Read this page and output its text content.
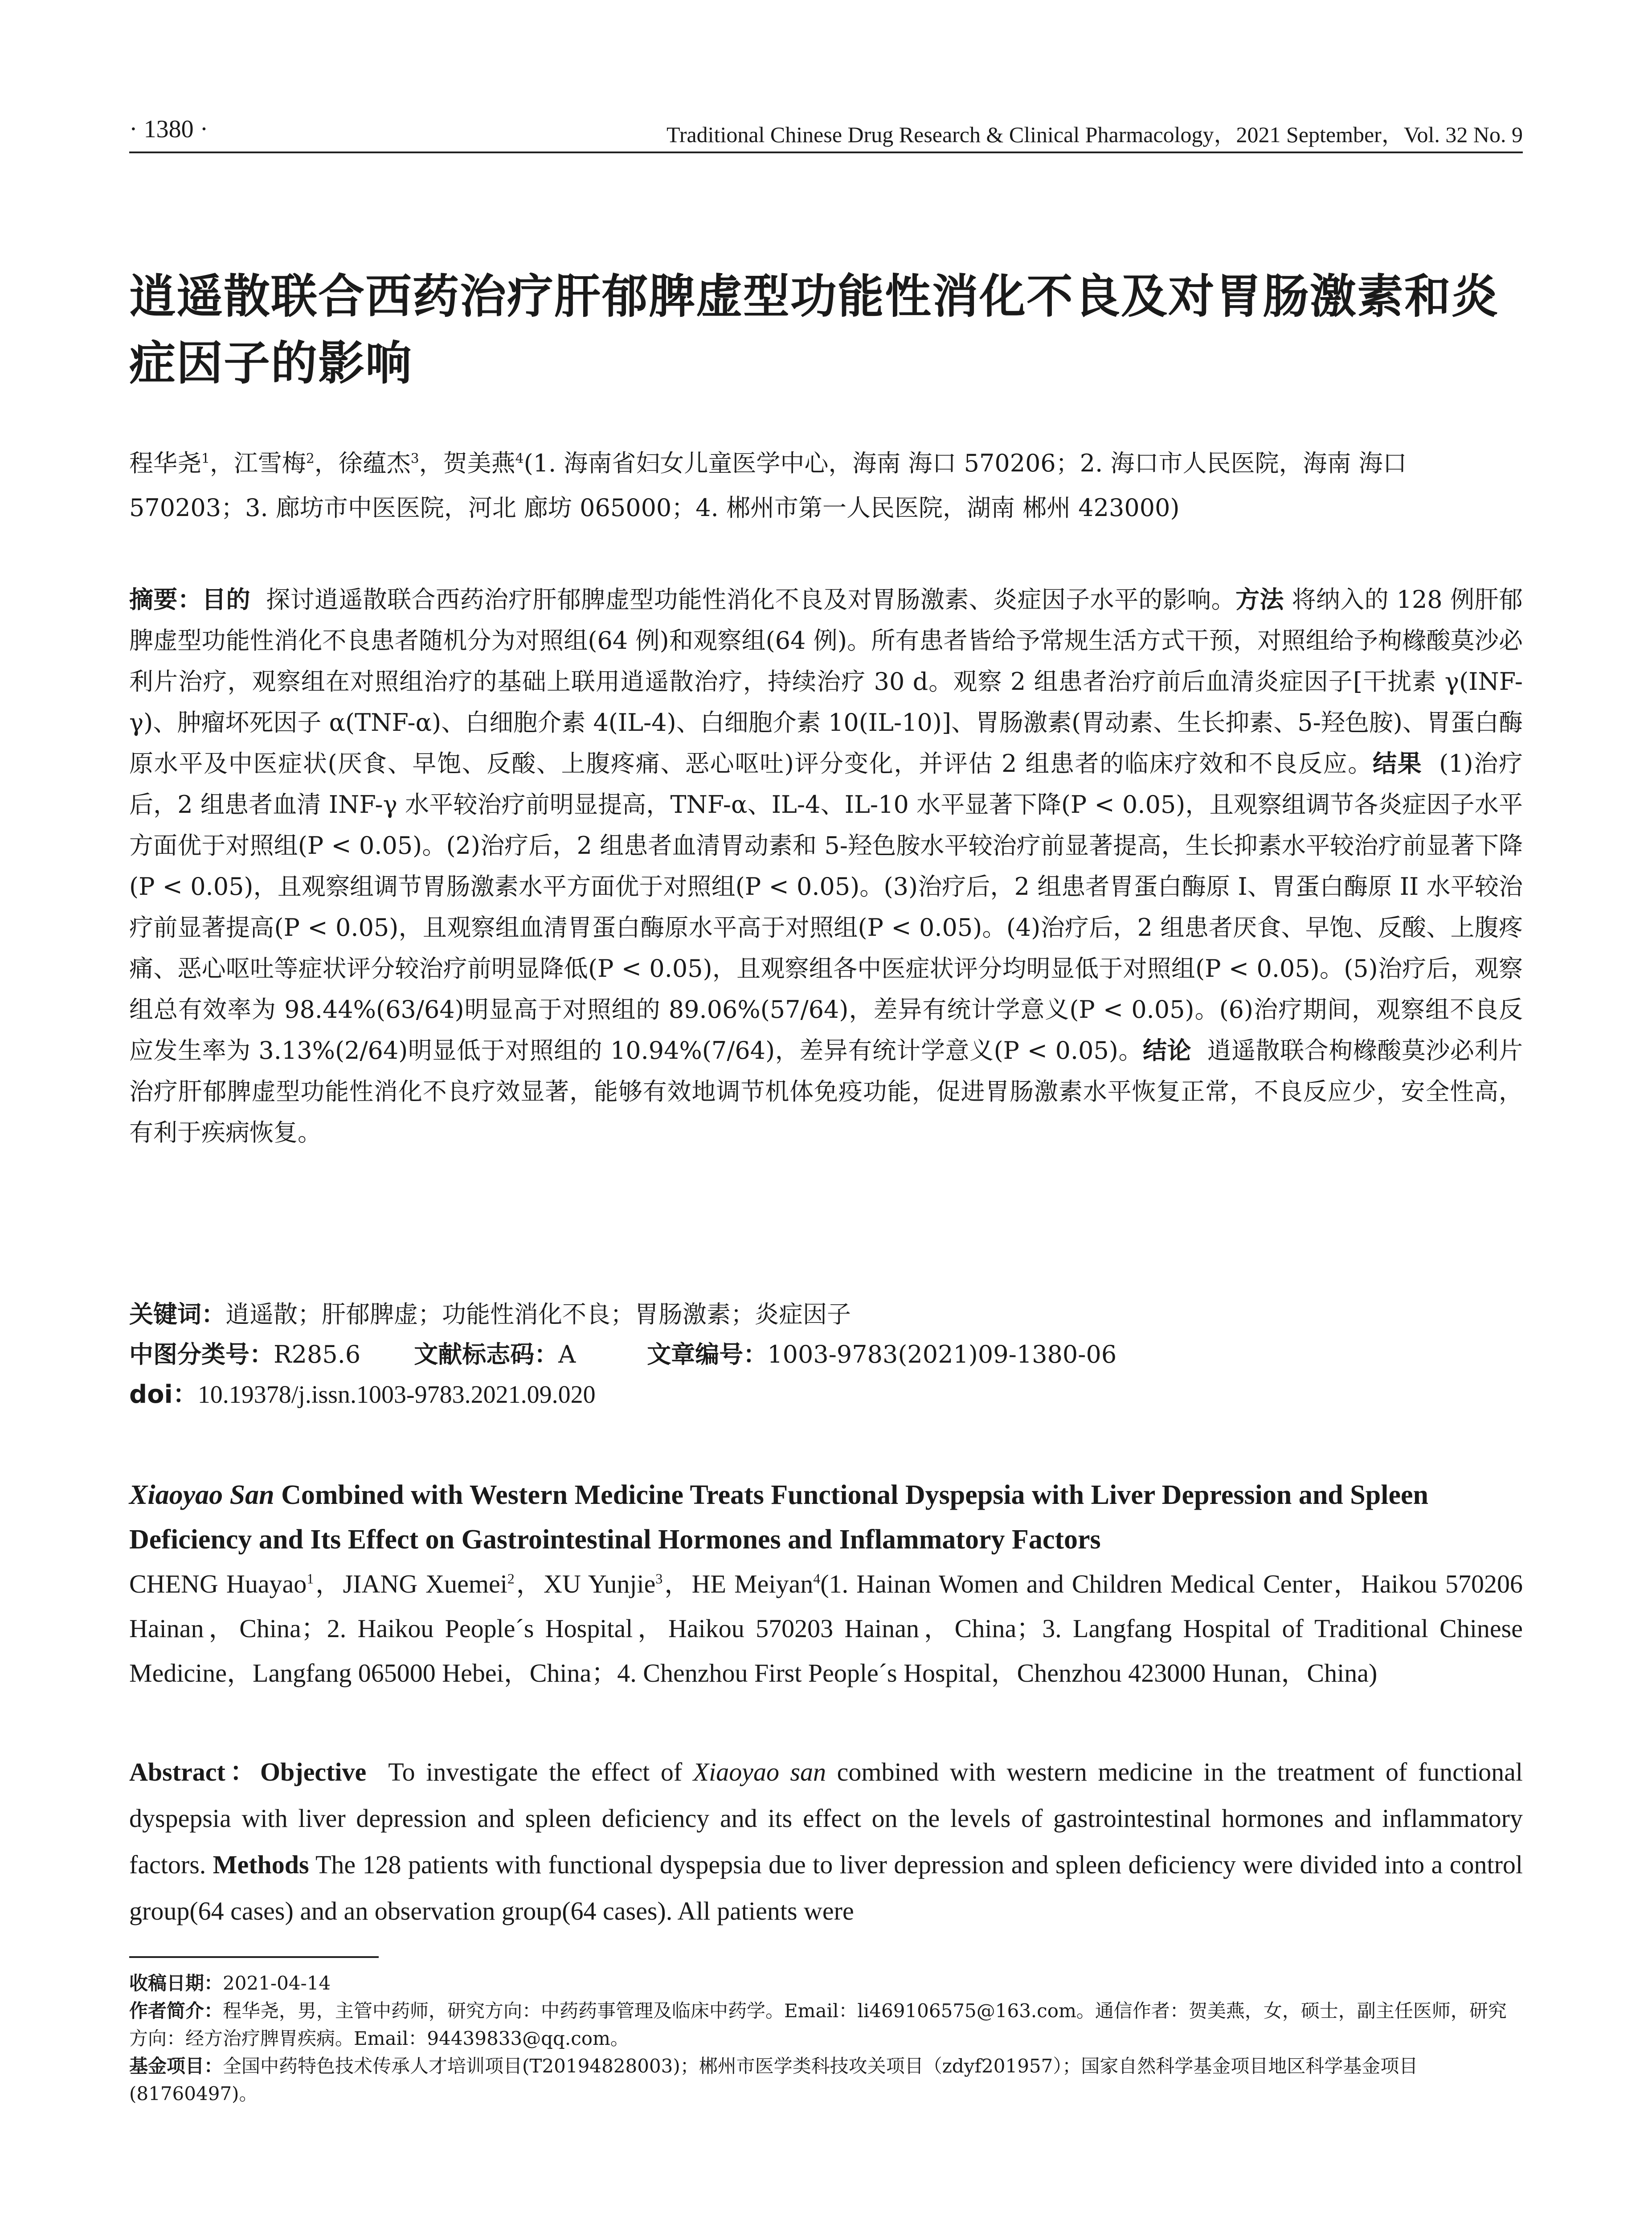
· 1380 ·	Traditional Chinese Drug Research & Clinical Pharmacology，2021 September，Vol. 32 No. 9
逍遥散联合西药治疗肝郁脾虚型功能性消化不良及对胃肠激素和炎症因子的影响
程华尧$^1$，江雪梅$^2$，徐蕴杰$^3$，贺美燕$^4$(1. 海南省妇女儿童医学中心，海南 海口 570206；2. 海口市人民医院，海南 海口 570203；3. 廊坊市中医医院，河北 廊坊 065000；4. 郴州市第一人民医院，湖南 郴州 423000)
摘要：目的 探讨逍遥散联合西药治疗肝郁脾虚型功能性消化不良及对胃肠激素、炎症因子水平的影响。方法 将纳入的 128 例肝郁脾虚型功能性消化不良患者随机分为对照组(64 例)和观察组(64 例)。所有患者皆给予常规生活方式干预，对照组给予枸橼酸莫沙必利片治疗，观察组在对照组治疗的基础上联用逍遥散治疗，持续治疗 30 d。观察 2 组患者治疗前后血清炎症因子[干扰素 γ(INF-γ)、肿瘤坏死因子 α(TNF-α)、白细胞介素 4(IL-4)、白细胞介素 10(IL-10)]、胃肠激素(胃动素、生长抑素、5-羟色胺)、胃蛋白酶原水平及中医症状(厌食、早饱、反酸、上腹疼痛、恶心呕吐)评分变化，并评估 2 组患者的临床疗效和不良反应。结果 (1)治疗后，2 组患者血清 INF-γ 水平较治疗前明显提高，TNF-α、IL-4、IL-10 水平显著下降(P < 0.05)，且观察组调节各炎症因子水平方面优于对照组(P < 0.05)。(2)治疗后，2 组患者血清胃动素和 5-羟色胺水平较治疗前显著提高，生长抑素水平较治疗前显著下降(P < 0.05)，且观察组调节胃肠激素水平方面优于对照组(P < 0.05)。(3)治疗后，2 组患者胃蛋白酶原 I、胃蛋白酶原 II 水平较治疗前显著提高(P < 0.05)，且观察组血清胃蛋白酶原水平高于对照组(P < 0.05)。(4)治疗后，2 组患者厌食、早饱、反酸、上腹疼痛、恶心呕吐等症状评分较治疗前明显降低(P < 0.05)，且观察组各中医症状评分均明显低于对照组(P < 0.05)。(5)治疗后，观察组总有效率为 98.44%(63/64)明显高于对照组的 89.06%(57/64)，差异有统计学意义(P < 0.05)。(6)治疗期间，观察组不良反应发生率为 3.13%(2/64)明显低于对照组的 10.94%(7/64)，差异有统计学意义(P < 0.05)。结论 逍遥散联合枸橼酸莫沙必利片治疗肝郁脾虚型功能性消化不良疗效显著，能够有效地调节机体免疫功能，促进胃肠激素水平恢复正常，不良反应少，安全性高，有利于疾病恢复。
关键词：逍遥散；肝郁脾虚；功能性消化不良；胃肠激素；炎症因子
中图分类号：R285.6 文献标志码：A	文章编号：1003-9783(2021)09-1380-06
doi：10.19378/j.issn.1003-9783.2021.09.020
Xiaoyao San Combined with Western Medicine Treats Functional Dyspepsia with Liver Depression and Spleen Deficiency and Its Effect on Gastrointestinal Hormones and Inflammatory Factors
CHENG Huayao$^1$，JIANG Xuemei$^2$，XU Yunjie$^3$，HE Meiyan$^4$(1. Hainan Women and Children Medical Center，Haikou 570206 Hainan，China；2. Haikou People´s Hospital，Haikou 570203 Hainan，China；3. Langfang Hospital of Traditional Chinese Medicine，Langfang 065000 Hebei，China；4. Chenzhou First People´s Hospital，Chenzhou 423000 Hunan，China)
Abstract：Objective To investigate the effect of Xiaoyao san combined with western medicine in the treatment of functional dyspepsia with liver depression and spleen deficiency and its effect on the levels of gastrointestinal hormones and inflammatory factors. Methods The 128 patients with functional dyspepsia due to liver depression and spleen deficiency were divided into a control group(64 cases) and an observation group(64 cases). All patients were
收稿日期：2021-04-14
作者简介：程华尧，男，主管中药师，研究方向：中药药事管理及临床中药学。Email：li469106575@163.com。通信作者：贺美燕，女，硕士，副主任医师，研究方向：经方治疗脾胃疾病。Email：94439833@qq.com。
基金项目：全国中药特色技术传承人才培训项目(T20194828003)；郴州市医学类科技攻关项目（zdyf201957）；国家自然科学基金项目地区科学基金项目(81760497)。
